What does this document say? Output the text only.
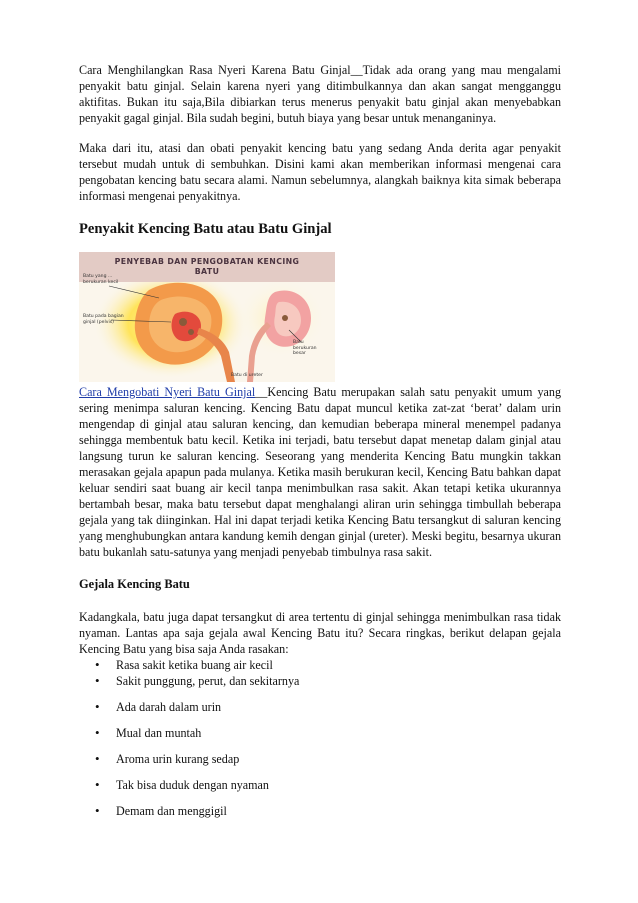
Cara Menghilangkan Rasa Nyeri Karena Batu Ginjal__Tidak ada orang yang mau mengalami penyakit batu ginjal. Selain karena nyeri yang ditimbulkannya dan akan sangat mengganggu aktifitas. Bukan itu saja,Bila dibiarkan terus menerus penyakit batu ginjal akan menyebabkan penyakit gagal ginjal. Bila sudah begini, butuh biaya yang besar untuk menanganinya.

Maka dari itu, atasi dan obati penyakit kencing batu yang sedang Anda derita agar penyakit tersebut mudah untuk di sembuhkan. Disini kami akan memberikan informasi mengenai cara pengobatan kencing batu secara alami. Namun sebelumnya, alangkah baiknya kita simak beberapa informasi mengenai penyakitnya.

Penyakit Kencing Batu atau Batu Ginjal
PENYEBAB DAN PENGOBATAN KENCING
BATU
Batu yang ...
berukuran kecil
Batu pada bagian
ginjal (pelvis)
Batu
berukuran
besar
Batu di ureter

Cara Mengobati Nyeri Batu Ginjal__Kencing Batu merupakan salah satu penyakit umum yang sering menimpa saluran kencing. Kencing Batu dapat muncul ketika zat-zat ‘berat’ dalam urin mengendap di ginjal atau saluran kencing, dan kemudian beberapa mineral menempel padanya sehingga membentuk batu kecil. Ketika ini terjadi, batu tersebut dapat menetap dalam ginjal atau langsung turun ke saluran kencing. Seseorang yang menderita Kencing Batu mungkin takkan merasakan gejala apapun pada mulanya. Ketika masih berukuran kecil, Kencing Batu bahkan dapat keluar sendiri saat buang air kecil tanpa menimbulkan rasa sakit. Akan tetapi ketika ukurannya bertambah besar, maka batu tersebut dapat menghalangi aliran urin sehingga timbullah beberapa gejala yang tak diinginkan. Hal ini dapat terjadi ketika Kencing Batu tersangkut di saluran kencing yang menghubungkan antara kandung kemih dengan ginjal (ureter). Meski begitu, besarnya ukuran batu bukanlah satu-satunya yang menjadi penyebab timbulnya rasa sakit.

Gejala Kencing Batu

Kadangkala, batu juga dapat tersangkut di area tertentu di ginjal sehingga menimbulkan rasa tidak nyaman. Lantas apa saja gejala awal Kencing Batu itu? Secara ringkas, berikut delapan gejala Kencing Batu yang bisa saja Anda rasakan:

• Rasa sakit ketika buang air kecil
• Sakit punggung, perut, dan sekitarnya
• Ada darah dalam urin
• Mual dan muntah
• Aroma urin kurang sedap
• Tak bisa duduk dengan nyaman
• Demam dan menggigil
